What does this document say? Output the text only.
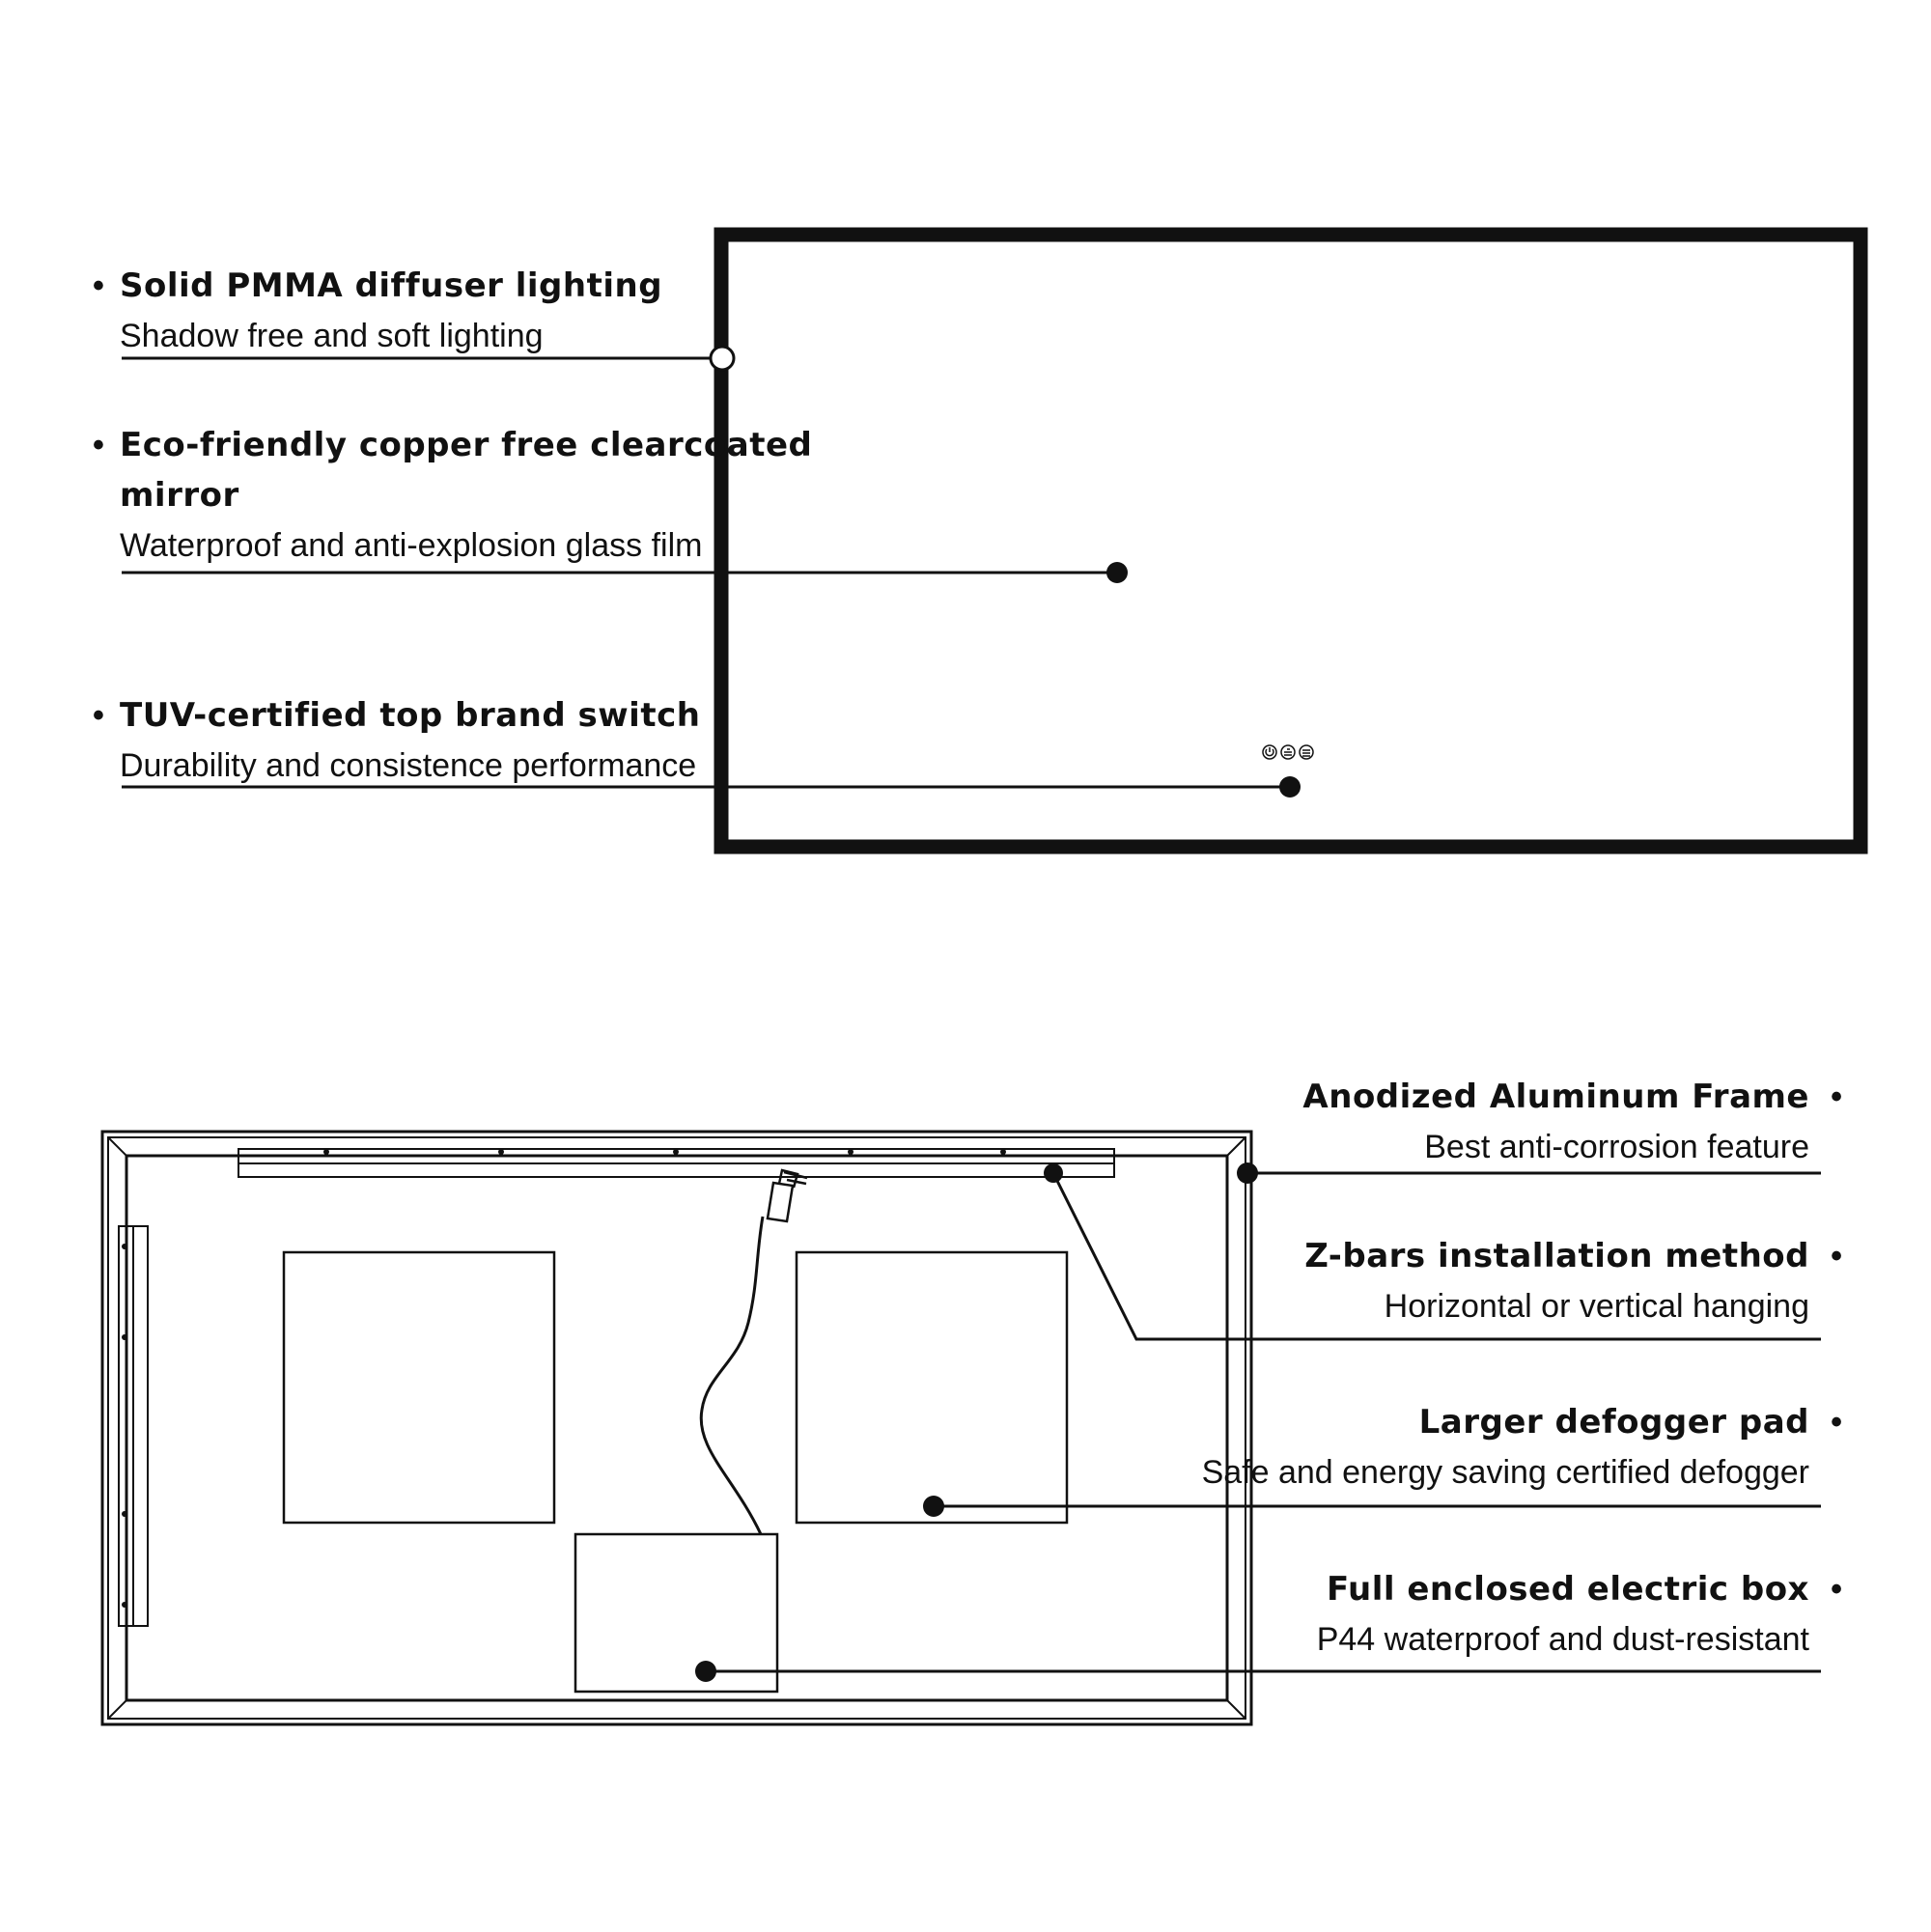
• Solid PMMA diffuser lighting
Shadow free and soft lighting
• Eco-friendly copper free clearcoated
mirror
Waterproof and anti-explosion glass film
• TUV-certified top brand switch
Durability and consistence performance
•
Anodized Aluminum Frame
Best anti-corrosion feature
•
Z-bars installation method
Horizontal or vertical hanging
•
Larger defogger pad
Safe and energy saving certified defogger
•
Full enclosed electric box
P44 waterproof and dust-resistant
